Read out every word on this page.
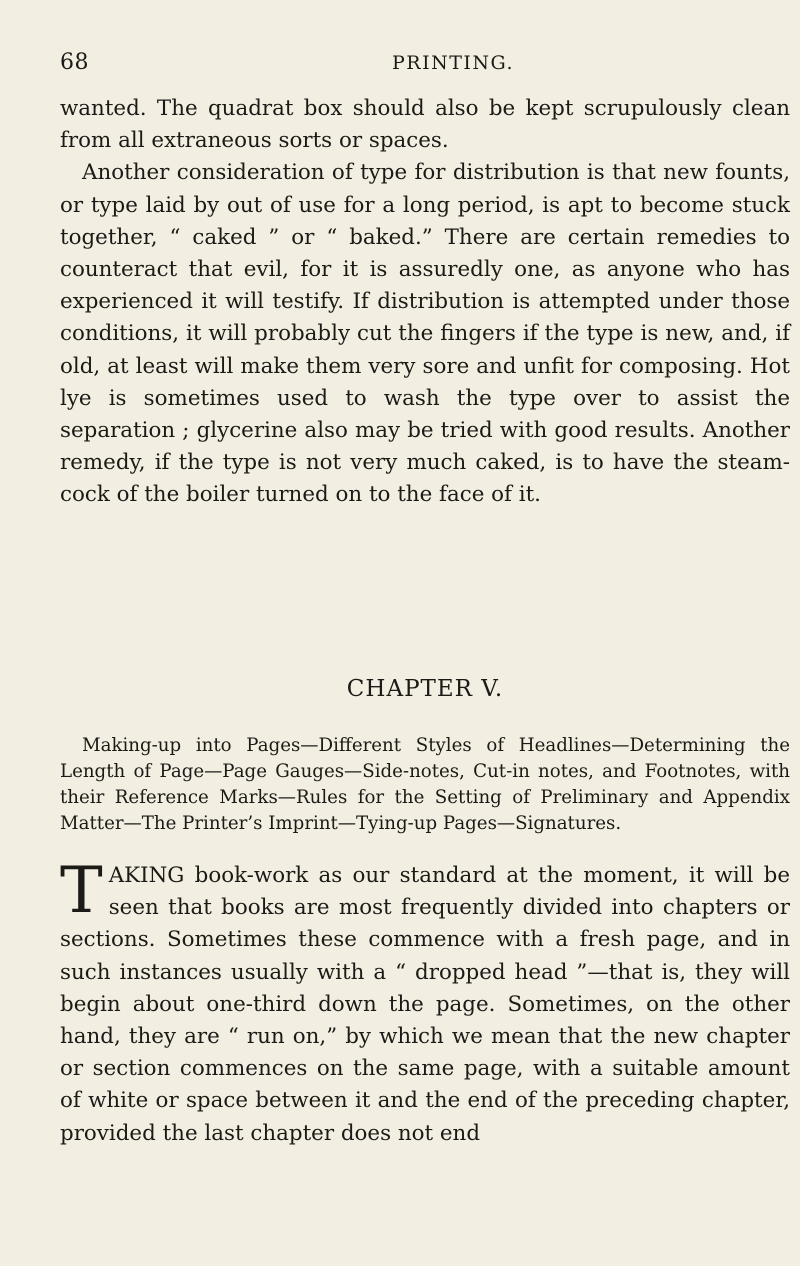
68	PRINTING.

wanted. The quadrat box should also be kept scrupulously clean from all extraneous sorts or spaces.

Another consideration of type for distribution is that new founts, or type laid by out of use for a long period, is apt to become stuck together, “ caked ” or “ baked.” There are certain remedies to counteract that evil, for it is assuredly one, as anyone who has experienced it will testify. If distribution is attempted under those conditions, it will probably cut the fingers if the type is new, and, if old, at least will make them very sore and unfit for composing. Hot lye is sometimes used to wash the type over to assist the separation ; glycerine also may be tried with good results. Another remedy, if the type is not very much caked, is to have the steam-cock of the boiler turned on to the face of it.

CHAPTER V.
Making-up into Pages—Different Styles of Headlines—Determining the Length of Page—Page Gauges—Side-notes, Cut-in notes, and Footnotes, with their Reference Marks—Rules for the Setting of Preliminary and Appendix Matter—The Printer’s Imprint—Tying-up Pages—Signatures.

TAKING book-work as our standard at the moment, it will be seen that books are most frequently divided into chapters or sections. Sometimes these commence with a fresh page, and in such instances usually with a “ dropped head ”—that is, they will begin about one-third down the page. Sometimes, on the other hand, they are “ run on,” by which we mean that the new chapter or section commences on the same page, with a suitable amount of white or space between it and the end of the preceding chapter, provided the last chapter does not end
